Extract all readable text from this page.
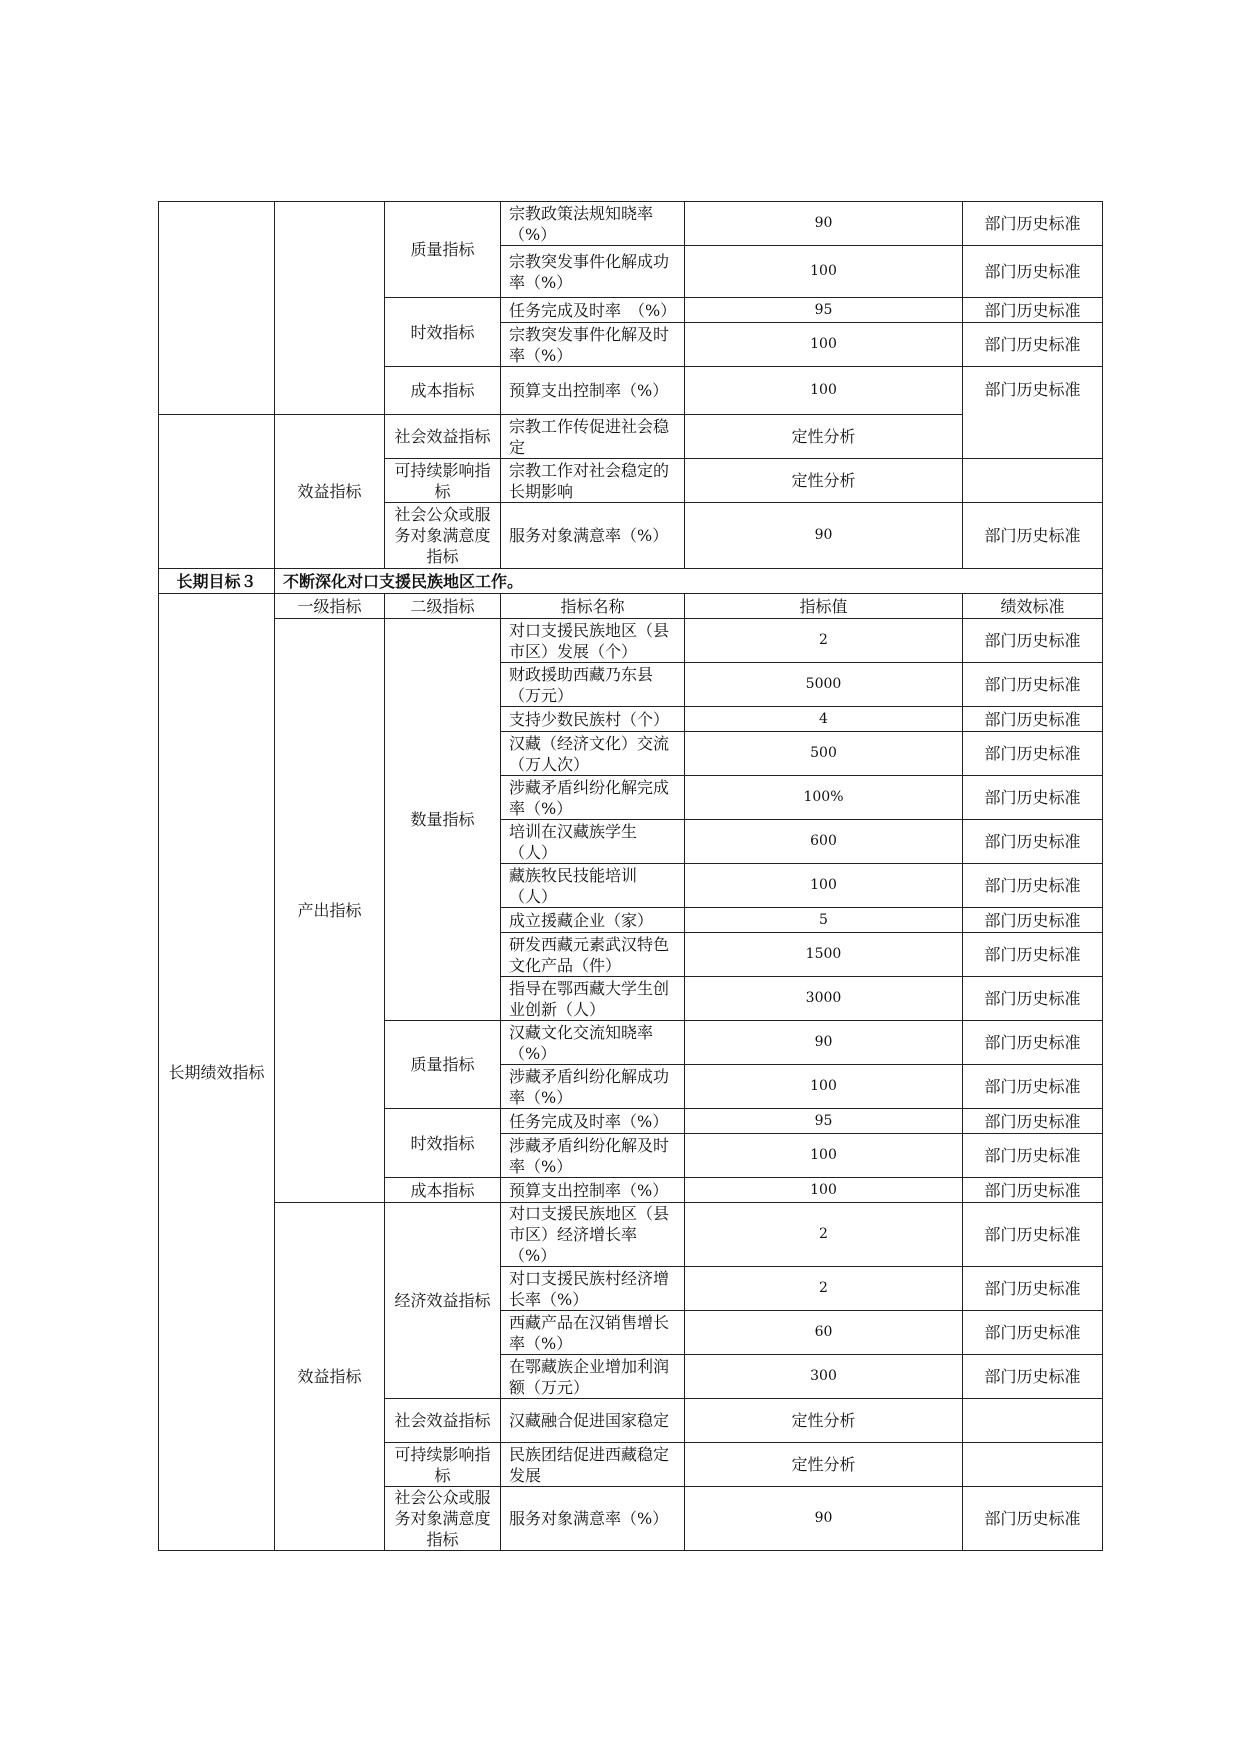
		质量指标	宗教政策法规知晓率（%）	90	部门历史标准
			宗教突发事件化解成功率（%）	100	部门历史标准
		时效指标	任务完成及时率　（%）	95	部门历史标准
			宗教突发事件化解及时率（%）	100	部门历史标准
		成本指标	预算支出控制率（%）	100	部门历史标准
	效益指标	社会效益指标	宗教工作传促进社会稳定	定性分析	
		可持续影响指标	宗教工作对社会稳定的长期影响	定性分析	
		社会公众或服务对象满意度指标	服务对象满意率（%）	90	部门历史标准
长期目标３	不断深化对口支援民族地区工作。				
长期绩效指标	一级指标	二级指标	指标名称	指标值	绩效标准
	产出指标	数量指标	对口支援民族地区（县市区）发展（个）	2	部门历史标准
			财政援助西藏乃东县（万元）	5000	部门历史标准
			支持少数民族村（个）	4	部门历史标准
			汉藏（经济文化）交流（万人次）	500	部门历史标准
			涉藏矛盾纠纷化解完成率（%）	100%	部门历史标准
			培训在汉藏族学生（人）	600	部门历史标准
			藏族牧民技能培训（人）	100	部门历史标准
			成立援藏企业（家）	5	部门历史标准
			研发西藏元素武汉特色文化产品（件）	1500	部门历史标准
			指导在鄂西藏大学生创业创新（人）	3000	部门历史标准
		质量指标	汉藏文化交流知晓率（%）	90	部门历史标准
			涉藏矛盾纠纷化解成功率（%）	100	部门历史标准
		时效指标	任务完成及时率（%）	95	部门历史标准
			涉藏矛盾纠纷化解及时率（%）	100	部门历史标准
		成本指标	预算支出控制率（%）	100	部门历史标准
	效益指标	经济效益指标	对口支援民族地区（县市区）经济增长率（%）	2	部门历史标准
			对口支援民族村经济增长率（%）	2	部门历史标准
			西藏产品在汉销售增长率（%）	60	部门历史标准
			在鄂藏族企业增加利润额（万元）	300	部门历史标准
		社会效益指标	汉藏融合促进国家稳定	定性分析	
		可持续影响指标	民族团结促进西藏稳定发展	定性分析	
		社会公众或服务对象满意度指标	服务对象满意率（%）	90	部门历史标准
